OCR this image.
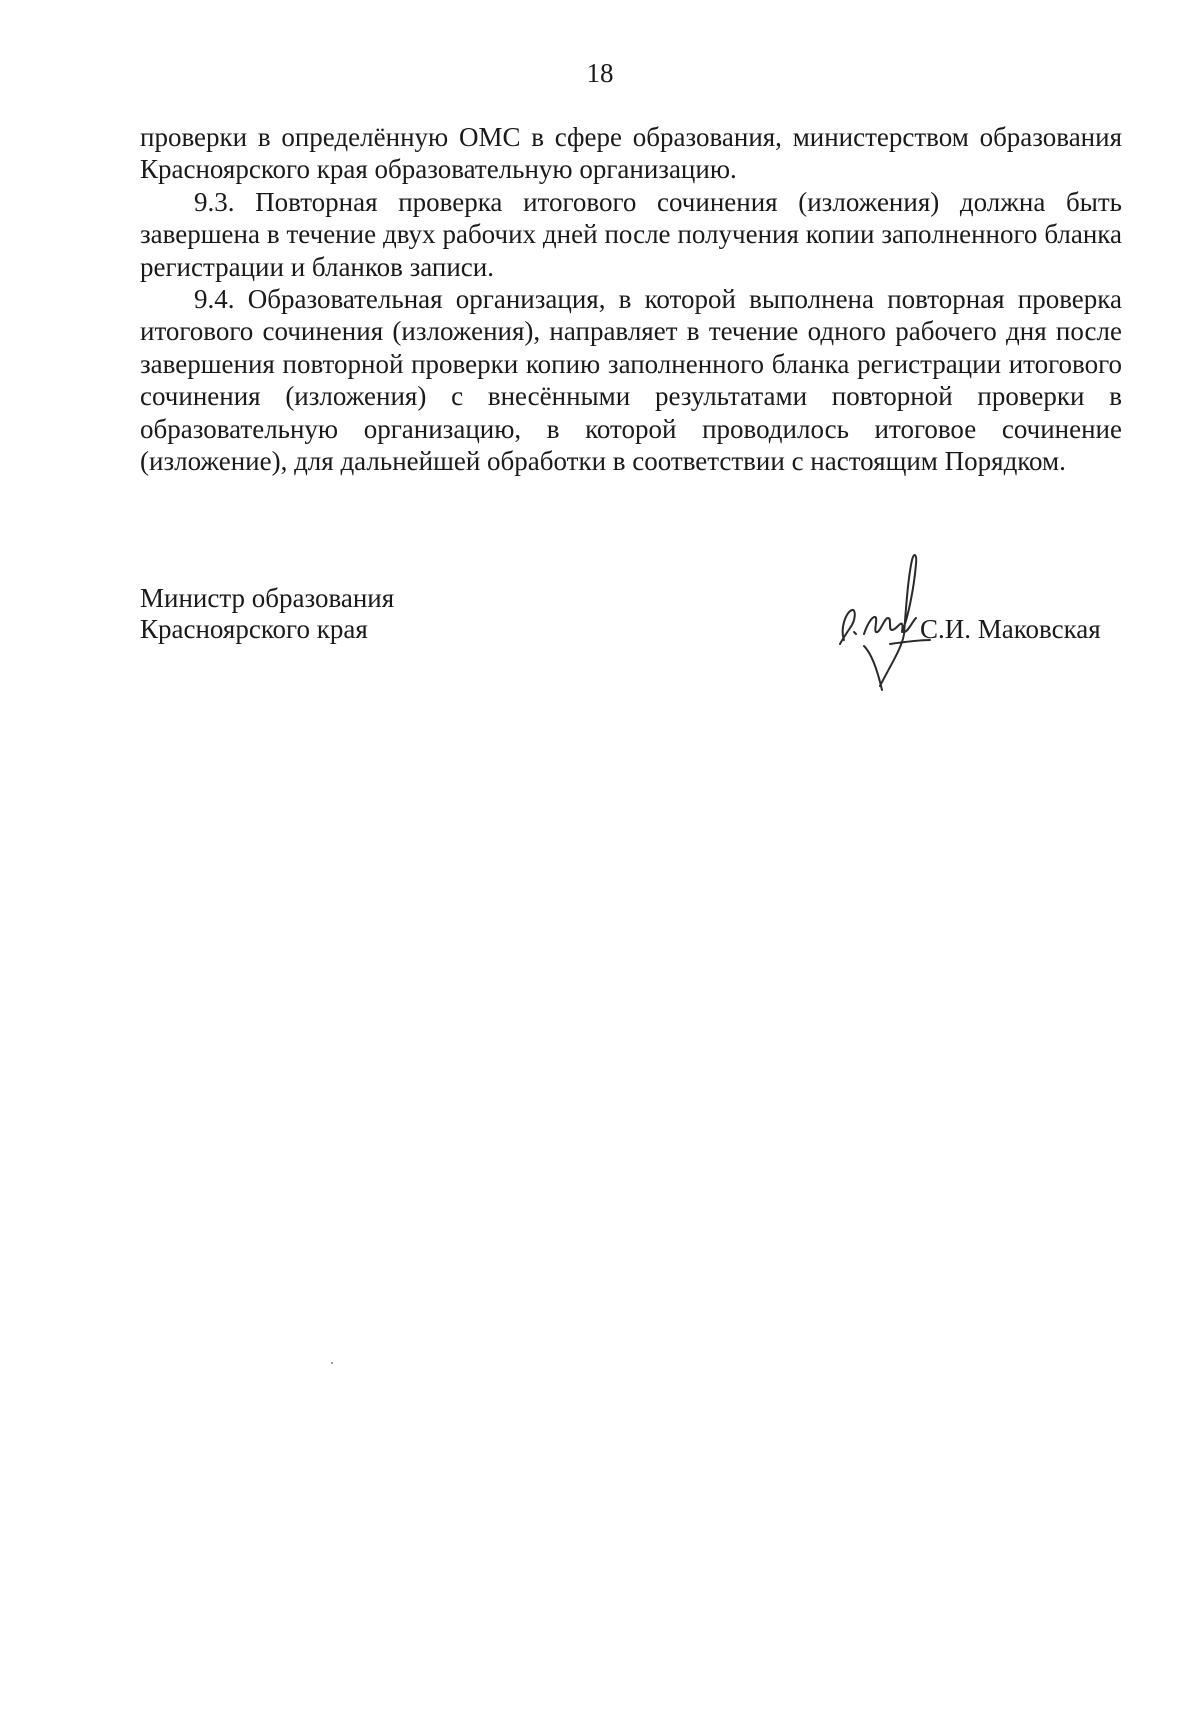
18

проверки в определённую ОМС в сфере образования, министерством образования Красноярского края образовательную организацию.

9.3. Повторная проверка итогового сочинения (изложения) должна быть завершена в течение двух рабочих дней после получения копии заполненного бланка регистрации и бланков записи.

9.4. Образовательная организация, в которой выполнена повторная проверка итогового сочинения (изложения), направляет в течение одного рабочего дня после завершения повторной проверки копию заполненного бланка регистрации итогового сочинения (изложения) с внесёнными результатами повторной проверки в образовательную организацию, в которой проводилось итоговое сочинение (изложение), для дальнейшей обработки в соответствии с настоящим Порядком.

Министр образования
Красноярского края	С.И. Маковская
